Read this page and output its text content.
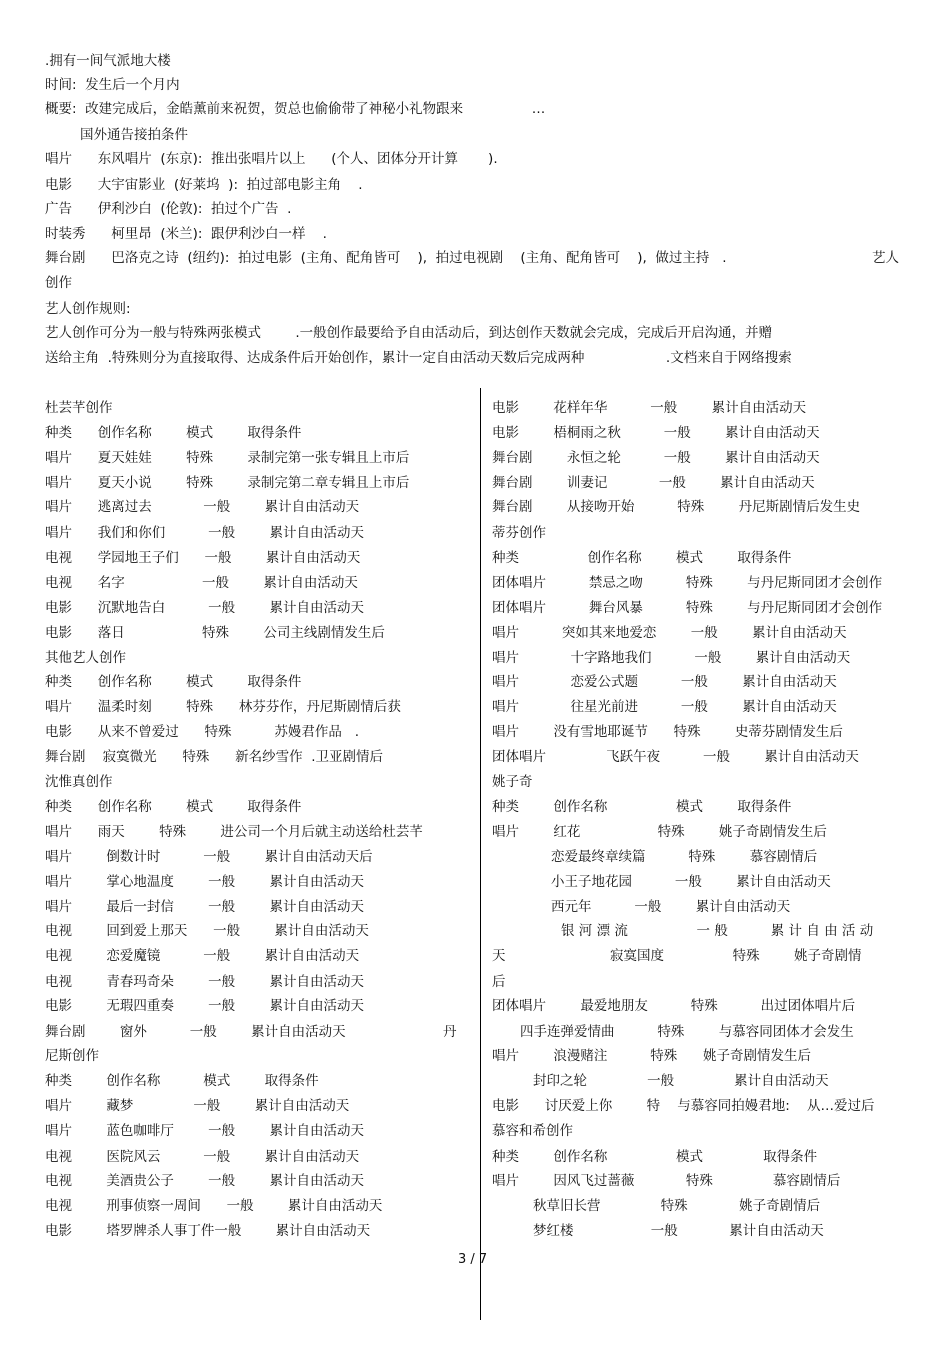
.拥有一间气派地大楼
时间:  发生后一个月内
概要:  改建完成后，金皓薰前来祝贺，贺总也偷偷带了神秘小礼物跟来                …
国外通告接拍条件
唱片      东风唱片  (东京):  推出张唱片以上      (个人、团体分开计算       ).
电影      大宇宙影业  (好莱坞  ):  拍过部电影主角    .
广告      伊利沙白  (伦敦):  拍过个广告  .
时装秀      柯里昂  (米兰):  跟伊利沙白一样    .
舞台剧      巴洛克之诗  (纽约):  拍过电影  (主角、配角皆可    ),  拍过电视剧    (主角、配角皆可    ),  做过主持   .	艺人
创作
艺人创作规则:
艺人创作可分为一般与特殊两张模式        .一般创作最要给予自由活动后，到达创作天数就会完成，完成后开启沟通，并赠
送给主角  .特殊则分为直接取得、达成条件后开始创作，累计一定自由活动天数后完成两种                   .文档来自于网络搜索
杜芸芊创作
种类      创作名称        模式        取得条件
唱片      夏天娃娃        特殊        录制完第一张专辑且上市后
唱片      夏天小说        特殊        录制完第二章专辑且上市后
唱片      逃离过去            一般        累计自由活动天
唱片      我们和你们          一般        累计自由活动天
电视      学园地王子们      一般        累计自由活动天
电视      名字                  一般        累计自由活动天
电影      沉默地告白          一般        累计自由活动天
电影      落日                  特殊        公司主线剧情发生后
其他艺人创作
种类      创作名称        模式        取得条件
唱片      温柔时刻        特殊      林芬芬作，丹尼斯剧情后获
电影      从来不曾爱过      特殊          苏嫚君作品   .
舞台剧    寂寞微光      特殊      新名纱雪作  .卫亚剧情后
沈惟真创作
种类      创作名称        模式        取得条件
唱片      雨天        特殊        进公司一个月后就主动送给杜芸芊
唱片        倒数计时          一般        累计自由活动天后
唱片        掌心地温度        一般        累计自由活动天
唱片        最后一封信        一般        累计自由活动天
电视        回到爱上那天      一般        累计自由活动天
电视        恋爱魔镜          一般        累计自由活动天
电视        青春玛奇朵        一般        累计自由活动天
电影        无瑕四重奏        一般        累计自由活动天
舞台剧        窗外          一般        累计自由活动天	丹
尼斯创作
种类        创作名称          模式        取得条件
唱片        藏梦              一般        累计自由活动天
唱片        蓝色咖啡厅        一般        累计自由活动天
电视        医院风云          一般        累计自由活动天
电视        美酒贵公子        一般        累计自由活动天
电视        刑事侦察一周间      一般        累计自由活动天
电影        塔罗牌杀人事丁件一般        累计自由活动天
电影        花样年华          一般        累计自由活动天
电影        梧桐雨之秋          一般        累计自由活动天
舞台剧        永恒之轮          一般        累计自由活动天
舞台剧        训妻记            一般        累计自由活动天
舞台剧        从接吻开始          特殊        丹尼斯剧情后发生史
蒂芬创作
种类                创作名称        模式        取得条件
团体唱片          禁忌之吻          特殊        与丹尼斯同团才会创作
团体唱片          舞台风暴          特殊        与丹尼斯同团才会创作
唱片          突如其来地爱恋        一般        累计自由活动天
唱片            十字路地我们          一般        累计自由活动天
唱片            恋爱公式题          一般        累计自由活动天
唱片            往星光前进          一般        累计自由活动天
唱片        没有雪地耶诞节      特殊        史蒂芬剧情发生后
团体唱片              飞跃午夜          一般        累计自由活动天
姚子奇
种类        创作名称                模式        取得条件
唱片        红花                  特殊        姚子奇剧情发生后
恋爱最终章续篇          特殊        慕容剧情后
小王子地花园          一般        累计自由活动天
西元年          一般        累计自由活动天
银 河 漂 流                一 般          累 计 自 由 活 动
天	寂寞国度                特殊        姚子奇剧情
后
团体唱片        最爱地朋友          特殊          出过团体唱片后
四手连弹爱情曲          特殊        与慕容同团体才会发生
唱片        浪漫赌注          特殊      姚子奇剧情发生后
封印之轮              一般              累计自由活动天
电影      讨厌爱上你        特    与慕容同拍嫚君地:    从…爱过后
慕容和希创作
种类        创作名称                模式              取得条件
唱片        因风飞过蔷薇            特殊              慕容剧情后
秋草旧长营              特殊            姚子奇剧情后
梦红楼                  一般            累计自由活动天
3 / 7
